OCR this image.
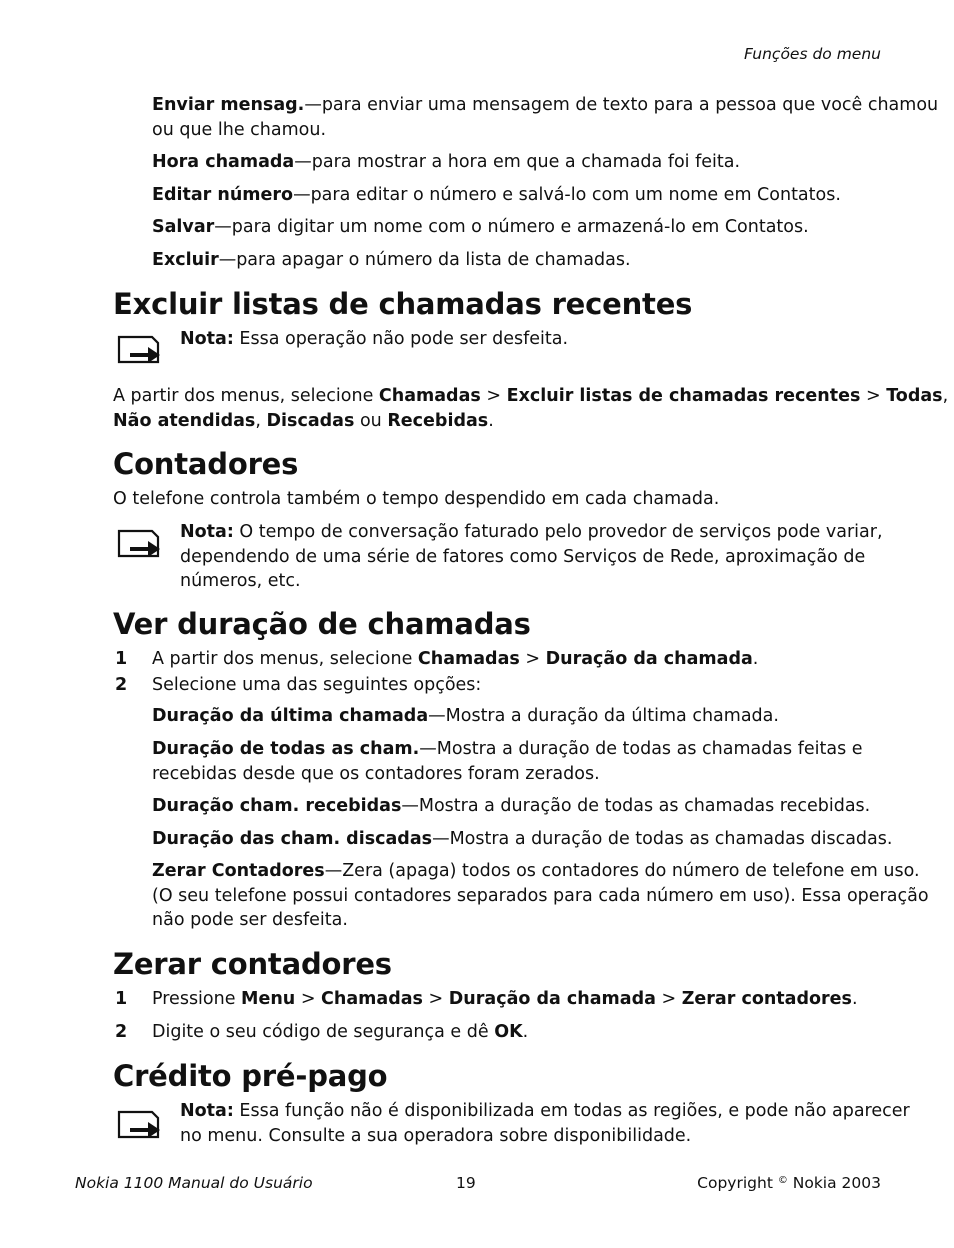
Funções do menu
Enviar mensag.—para enviar uma mensagem de texto para a pessoa que você chamou
ou que lhe chamou.
Hora chamada—para mostrar a hora em que a chamada foi feita.
Editar número—para editar o número e salvá-lo com um nome em Contatos.
Salvar—para digitar um nome com o número e armazená-lo em Contatos.
Excluir—para apagar o número da lista de chamadas.
Excluir listas de chamadas recentes
Nota: Essa operação não pode ser desfeita.
A partir dos menus, selecione Chamadas > Excluir listas de chamadas recentes > Todas,
Não atendidas, Discadas ou Recebidas.
Contadores
O telefone controla também o tempo despendido em cada chamada.
Nota: O tempo de conversação faturado pelo provedor de serviços pode variar,
dependendo de uma série de fatores como Serviços de Rede, aproximação de
números, etc.
Ver duração de chamadas
1 A partir dos menus, selecione Chamadas > Duração da chamada.
2 Selecione uma das seguintes opções:
Duração da última chamada—Mostra a duração da última chamada.
Duração de todas as cham.—Mostra a duração de todas as chamadas feitas e
recebidas desde que os contadores foram zerados.
Duração cham. recebidas—Mostra a duração de todas as chamadas recebidas.
Duração das cham. discadas—Mostra a duração de todas as chamadas discadas.
Zerar Contadores—Zera (apaga) todos os contadores do número de telefone em uso.
(O seu telefone possui contadores separados para cada número em uso). Essa operação
não pode ser desfeita.
Zerar contadores
1 Pressione Menu > Chamadas > Duração da chamada > Zerar contadores.
2 Digite o seu código de segurança e dê OK.
Crédito pré-pago
Nota: Essa função não é disponibilizada em todas as regiões, e pode não aparecer
no menu. Consulte a sua operadora sobre disponibilidade.
Nokia 1100 Manual do Usuário	19	Copyright © Nokia 2003
